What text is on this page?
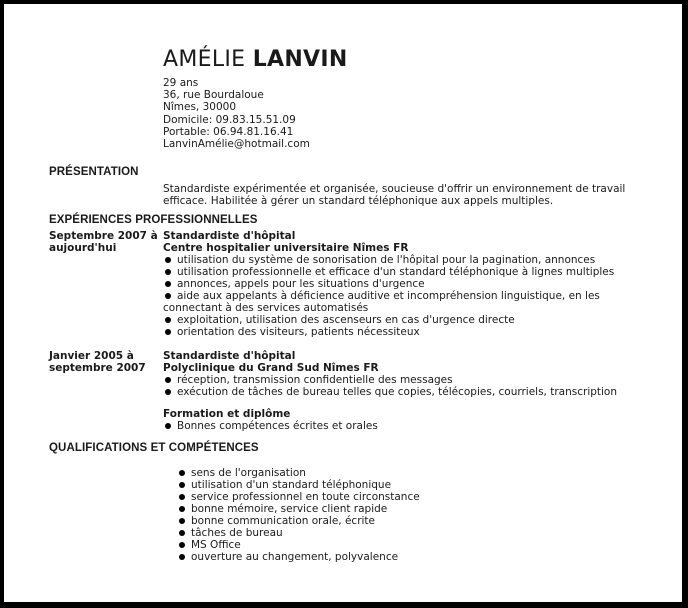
AMÉLIE LANVIN
29 ans
36, rue Bourdaloue
Nîmes, 30000
Domicile: 09.83.15.51.09
Portable: 06.94.81.16.41
LanvinAmélie@hotmail.com
PRÉSENTATION
Standardiste expérimentée et organisée, soucieuse d'offrir un environnement de travail efficace. Habilitée à gérer un standard téléphonique aux appels multiples.
EXPÉRIENCES PROFESSIONNELLES
Septembre 2007 à aujourd'hui
Standardiste d'hôpital
Centre hospitalier universitaire Nîmes FR
utilisation du système de sonorisation de l'hôpital pour la pagination, annonces
utilisation professionnelle et efficace d'un standard téléphonique à lignes multiples
annonces, appels pour les situations d'urgence
aide aux appelants à déficience auditive et incompréhension linguistique, en les connectant à des services automatisés
exploitation, utilisation des ascenseurs en cas d'urgence directe
orientation des visiteurs, patients nécessiteux
Janvier 2005 à septembre 2007
Standardiste d'hôpital
Polyclinique du Grand Sud Nîmes FR
réception, transmission confidentielle des messages
exécution de tâches de bureau telles que copies, télécopies, courriels, transcription
Formation et diplôme
Bonnes compétences écrites et orales
QUALIFICATIONS ET COMPÉTENCES
sens de l'organisation
utilisation d'un standard téléphonique
service professionnel en toute circonstance
bonne mémoire, service client rapide
bonne communication orale, écrite
tâches de bureau
MS Office
ouverture au changement, polyvalence
